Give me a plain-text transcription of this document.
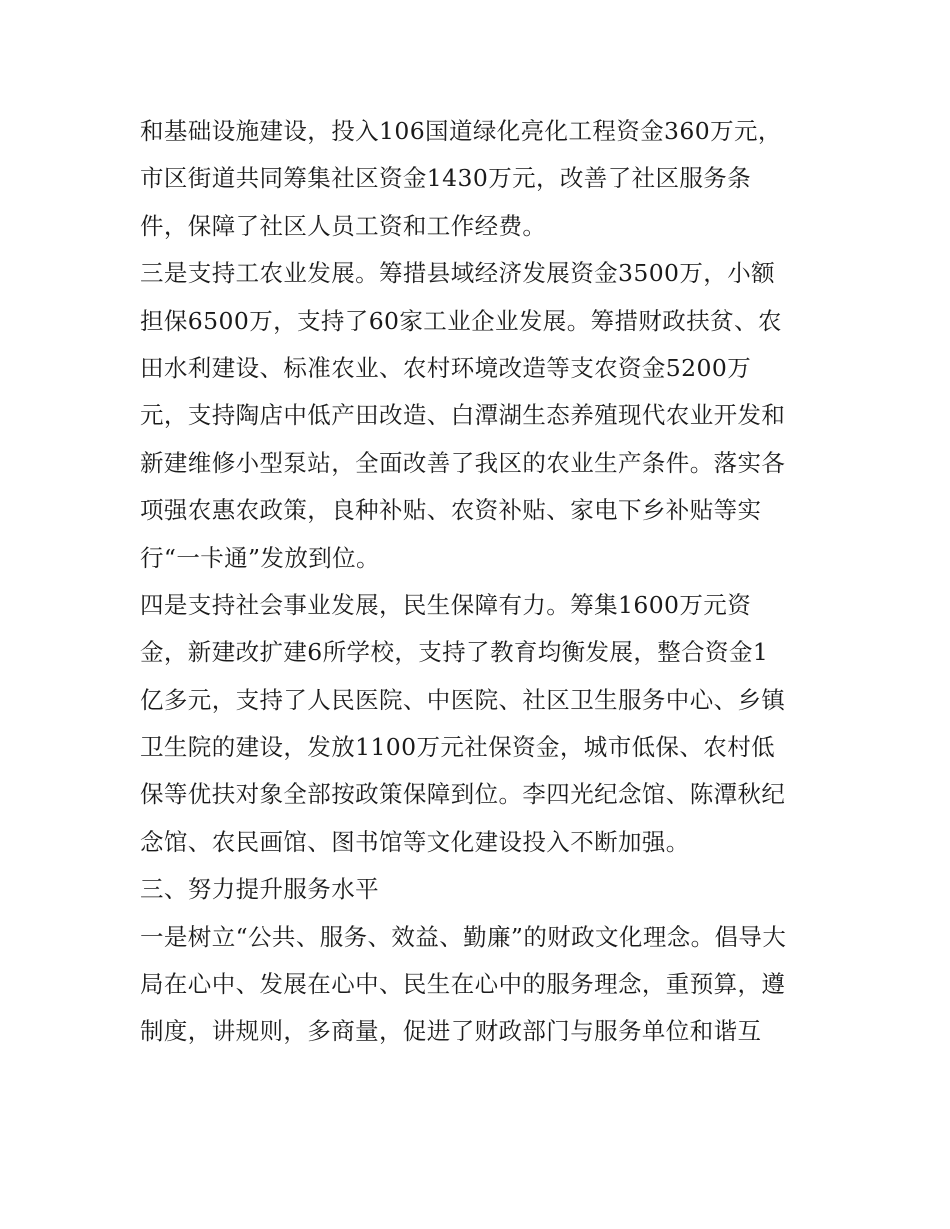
和基础设施建设，投入106国道绿化亮化工程资金360万元，
市区街道共同筹集社区资金1430万元，改善了社区服务条
件，保障了社区人员工资和工作经费。
三是支持工农业发展。筹措县域经济发展资金3500万，小额
担保6500万，支持了60家工业企业发展。筹措财政扶贫、农
田水利建设、标准农业、农村环境改造等支农资金5200万
元，支持陶店中低产田改造、白潭湖生态养殖现代农业开发和
新建维修小型泵站，全面改善了我区的农业生产条件。落实各
项强农惠农政策，良种补贴、农资补贴、家电下乡补贴等实
行“一卡通”发放到位。
四是支持社会事业发展，民生保障有力。筹集1600万元资
金，新建改扩建6所学校，支持了教育均衡发展，整合资金1
亿多元，支持了人民医院、中医院、社区卫生服务中心、乡镇
卫生院的建设，发放1100万元社保资金，城市低保、农村低
保等优扶对象全部按政策保障到位。李四光纪念馆、陈潭秋纪
念馆、农民画馆、图书馆等文化建设投入不断加强。
三、努力提升服务水平
一是树立“公共、服务、效益、勤廉”的财政文化理念。倡导大
局在心中、发展在心中、民生在心中的服务理念，重预算，遵
制度，讲规则，多商量，促进了财政部门与服务单位和谐互
